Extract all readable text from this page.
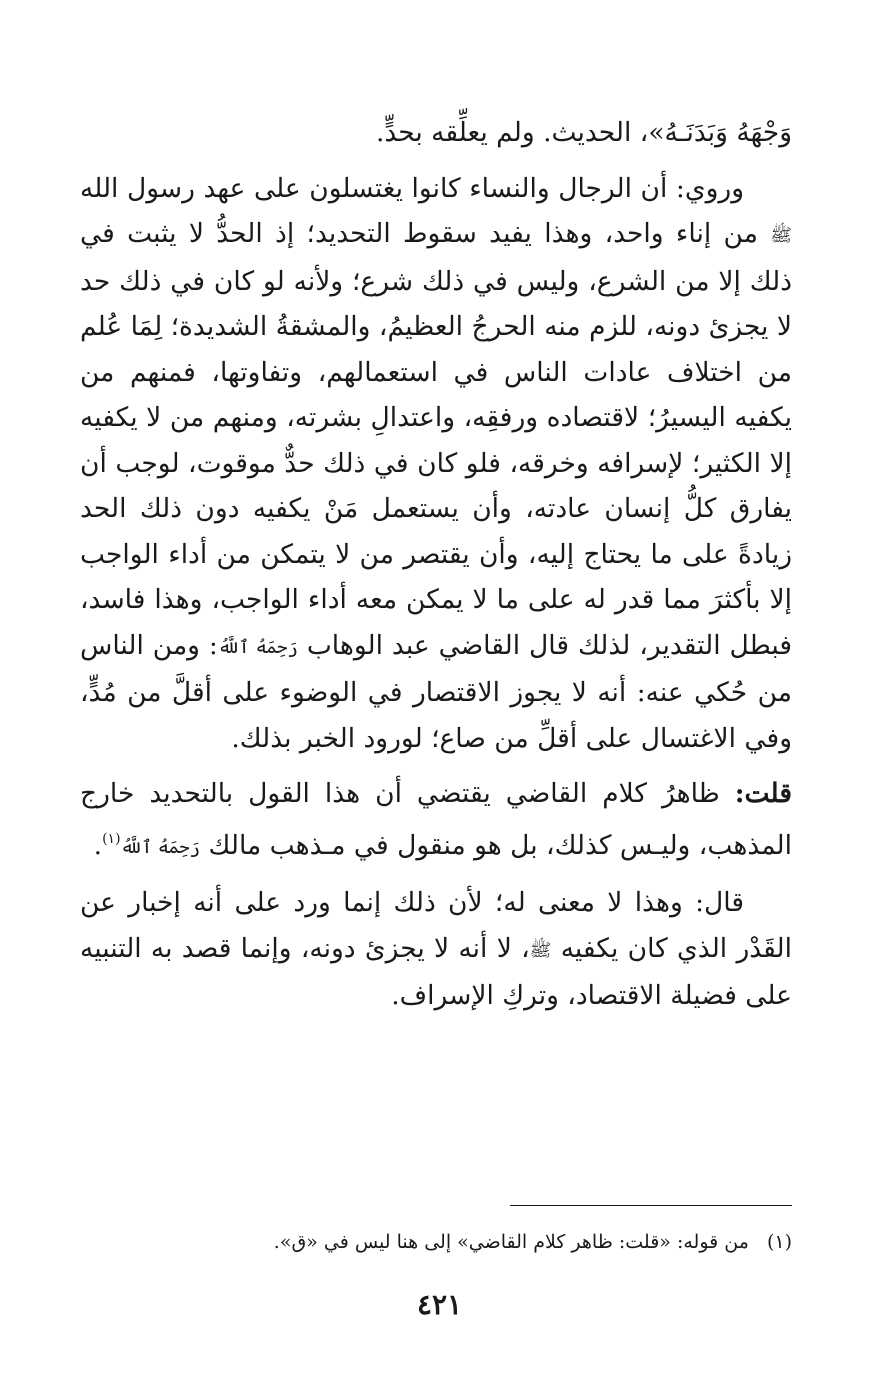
وَجْهَهُ وَبَدَنَـهُ»، الحديث. ولم يعلِّقه بحدٍّ.

وروي: أن الرجال والنساء كانوا يغتسلون على عهد رسول الله ﷺ من إناء واحد، وهذا يفيد سقوط التحديد؛ إذ الحدُّ لا يثبت في ذلك إلا من الشرع، وليس في ذلك شرع؛ ولأنه لو كان في ذلك حد لا يجزئ دونه، للزم منه الحرجُ العظيمُ، والمشقةُ الشديدة؛ لِمَا عُلم من اختلاف عادات الناس في استعمالهم، وتفاوتها، فمنهم من يكفيه اليسيرُ؛ لاقتصاده ورفقِه، واعتدالِ بشرته، ومنهم من لا يكفيه إلا الكثير؛ لإسرافه وخرقه، فلو كان في ذلك حدٌّ موقوت، لوجب أن يفارق كلُّ إنسان عادته، وأن يستعمل مَنْ يكفيه دون ذلك الحد زيادةً على ما يحتاج إليه، وأن يقتصر من لا يتمكن من أداء الواجب إلا بأكثرَ مما قدر له على ما لا يمكن معه أداء الواجب، وهذا فاسد، فبطل التقدير، لذلك قال القاضي عبد الوهاب رَحِمَهُ ٱللَّهُ: ومن الناس من حُكي عنه: أنه لا يجوز الاقتصار في الوضوء على أقلَّ من مُدٍّ، وفي الاغتسال على أقلِّ من صاع؛ لورود الخبر بذلك.

قلت: ظاهرُ كلام القاضي يقتضي أن هذا القول بالتحديد خارج المذهب، وليـس كذلك، بل هو منقول في مـذهب مالك رَحِمَهُ ٱللَّهُ$^{(١)}$.

قال: وهذا لا معنى له؛ لأن ذلك إنما ورد على أنه إخبار عن القَدْر الذي كان يكفيه ﷺ، لا أنه لا يجزئ دونه، وإنما قصد به التنبيه على فضيلة الاقتصاد، وتركِ الإسراف.

(١)من قوله: «قلت: ظاهر كلام القاضي» إلى هنا ليس في «ق».
٤٢١
